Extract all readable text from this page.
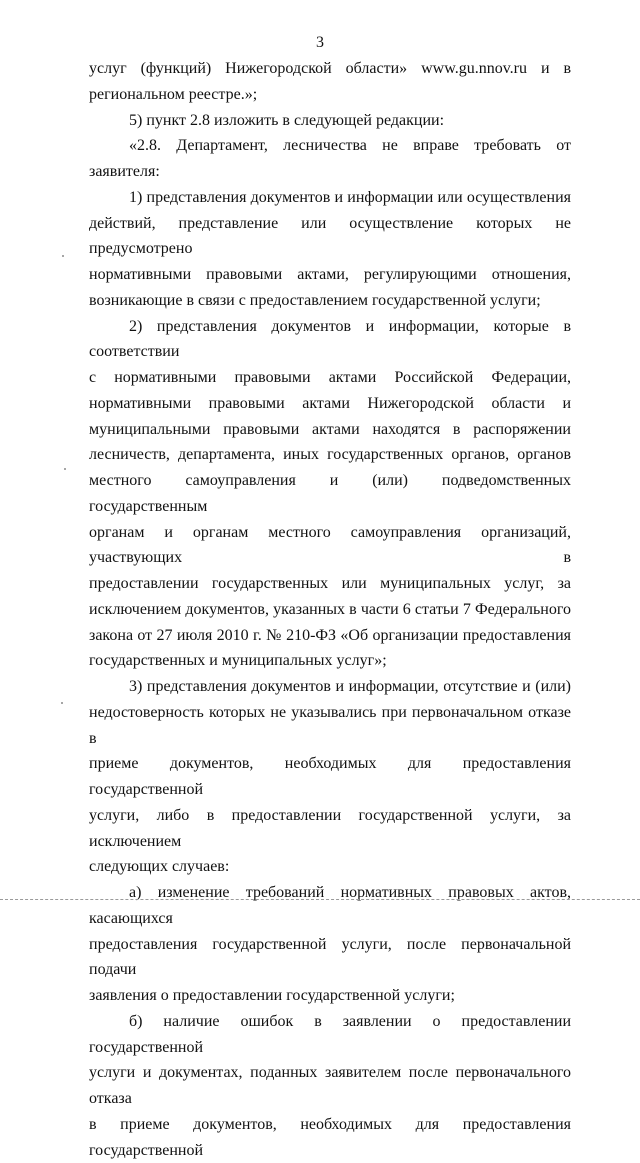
3

услуг (функций) Нижегородской области» www.gu.nnov.ru и в

региональном реестре.»;

5) пункт 2.8 изложить в следующей редакции:

«2.8. Департамент, лесничества не вправе требовать от заявителя:

1) представления документов и информации или осуществления

действий, представление или осуществление которых не предусмотрено

нормативными правовыми актами, регулирующими отношения,

возникающие в связи с предоставлением государственной услуги;

2) представления документов и информации, которые в соответствии

с нормативными правовыми актами Российской Федерации,

нормативными правовыми актами Нижегородской области и

муниципальными правовыми актами находятся в распоряжении

лесничеств, департамента, иных государственных органов, органов

местного самоуправления и (или) подведомственных государственным

органам и органам местного самоуправления организаций, участвующих в

предоставлении государственных или муниципальных услуг, за

исключением документов, указанных в части 6 статьи 7 Федерального

закона от 27 июля 2010 г. № 210-ФЗ «Об организации предоставления

государственных и муниципальных услуг»;

3) представления документов и информации, отсутствие и (или)

недостоверность которых не указывались при первоначальном отказе в

приеме документов, необходимых для предоставления государственной

услуги, либо в предоставлении государственной услуги, за исключением

следующих случаев:

а) изменение требований нормативных правовых актов, касающихся

предоставления государственной услуги, после первоначальной подачи

заявления о предоставлении государственной услуги;

б) наличие ошибок в заявлении о предоставлении государственной

услуги и документах, поданных заявителем после первоначального отказа

в приеме документов, необходимых для предоставления государственной
